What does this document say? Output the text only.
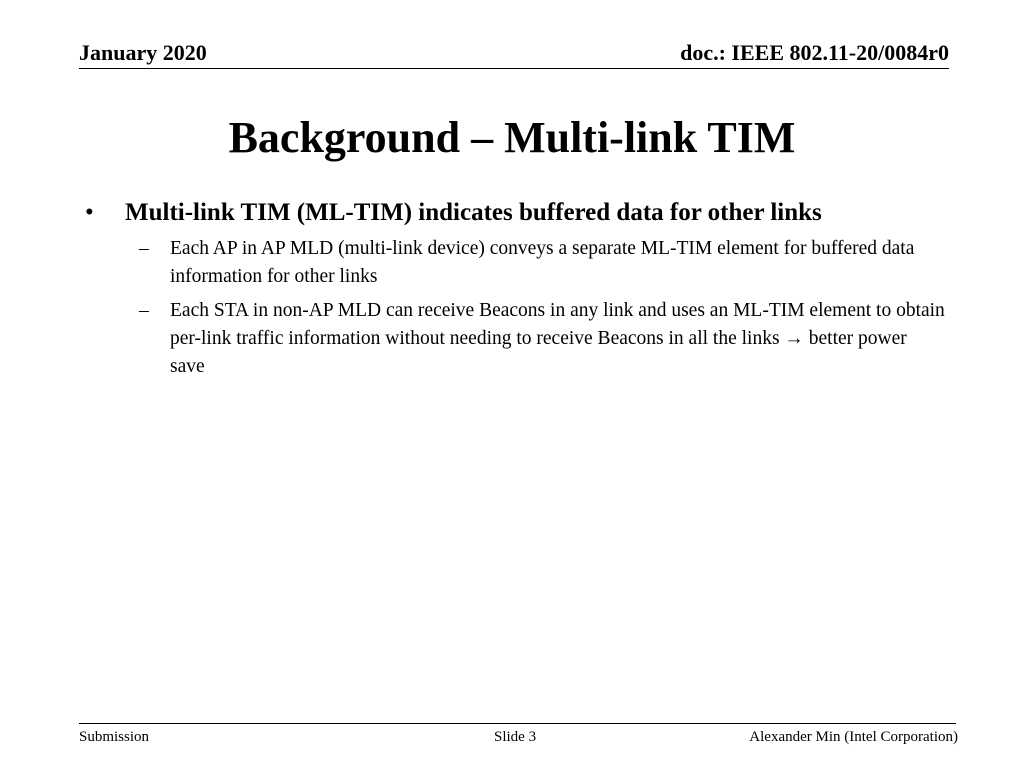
January 2020	doc.: IEEE 802.11-20/0084r0
Background – Multi-link TIM
•	Multi-link TIM (ML-TIM) indicates buffered data for other links
–	Each AP in AP MLD (multi-link device) conveys a separate ML-TIM element for buffered data information for other links
–	Each STA in non-AP MLD can receive Beacons in any link and uses an ML-TIM element to obtain per-link traffic information without needing to receive Beacons in all the links → better power save
Submission	Slide 3	Alexander Min (Intel Corporation)
